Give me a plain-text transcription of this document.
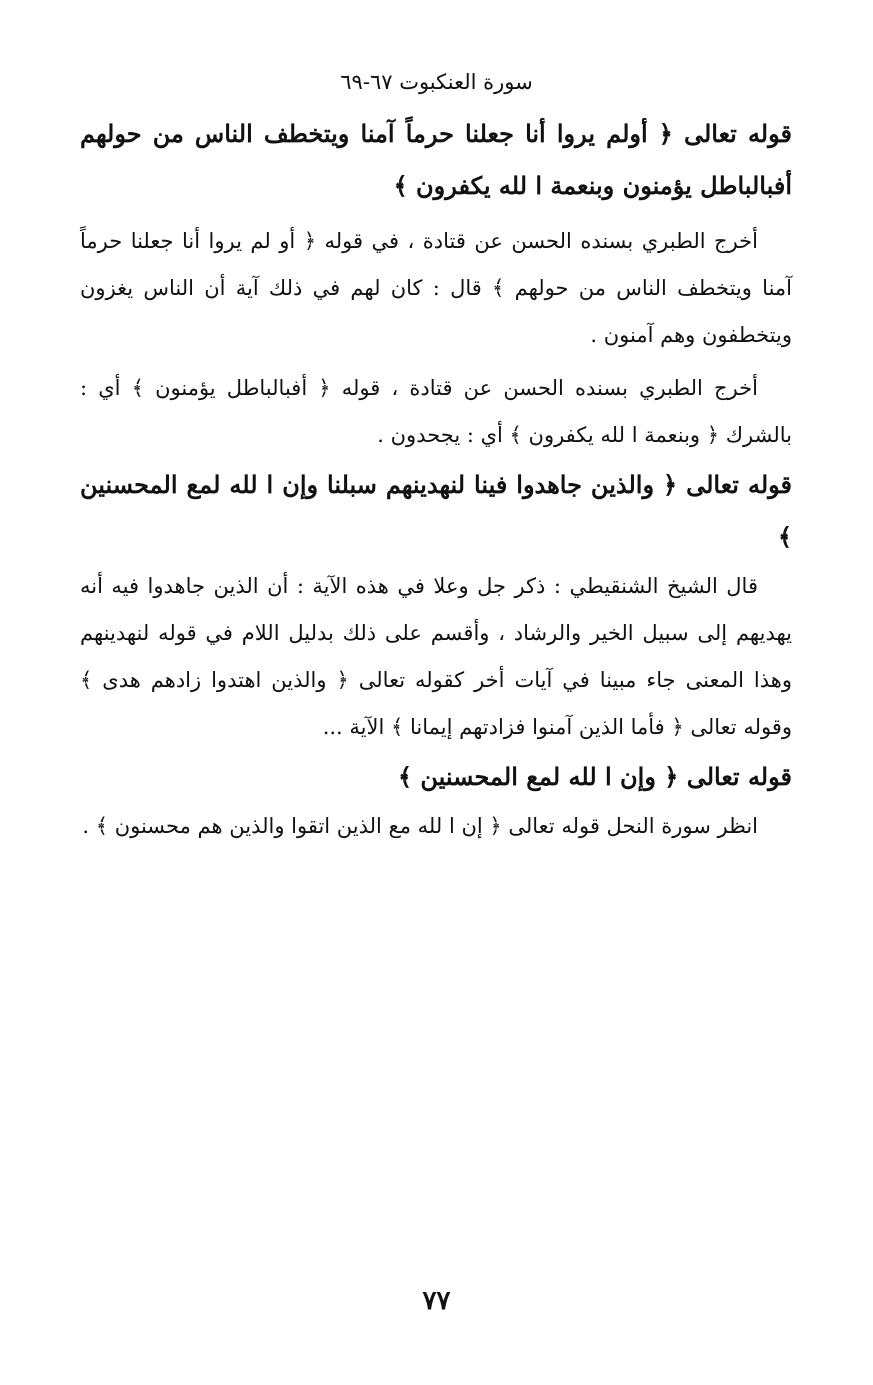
سورة العنكبوت ٦٧-٦٩

قوله تعالى ﴿ أولم يروا أنا جعلنا حرماً آمنا ويتخطف الناس من حولهم أفبالباطل يؤمنون وبنعمة ا لله يكفرون ﴾

أخرج الطبري بسنده الحسن عن قتادة ، في قوله ﴿ أو لم يروا أنا جعلنا حرماً آمنا ويتخطف الناس من حولهم ﴾ قال : كان لهم في ذلك آية أن الناس يغزون ويتخطفون وهم آمنون .

أخرج الطبري بسنده الحسن عن قتادة ، قوله ﴿ أفبالباطل يؤمنون ﴾ أي : بالشرك ﴿ وبنعمة ا لله يكفرون ﴾ أي : يجحدون .

قوله تعالى ﴿ والذين جاهدوا فينا لنهدينهم سبلنا وإن ا لله لمع المحسنين ﴾

قال الشيخ الشنقيطي : ذكر جل وعلا في هذه الآية : أن الذين جاهدوا فيه أنه يهديهم إلى سبيل الخير والرشاد ، وأقسم على ذلك بدليل اللام في قوله لنهدينهم وهذا المعنى جاء مبينا في آيات أخر كقوله تعالى ﴿ والذين اهتدوا زادهم هدى ﴾ وقوله تعالى ﴿ فأما الذين آمنوا فزادتهم إيمانا ﴾ الآية ...

قوله تعالى ﴿ وإن ا لله لمع المحسنين ﴾

انظر سورة النحل قوله تعالى ﴿ إن ا لله مع الذين اتقوا والذين هم محسنون ﴾ .

٧٧
